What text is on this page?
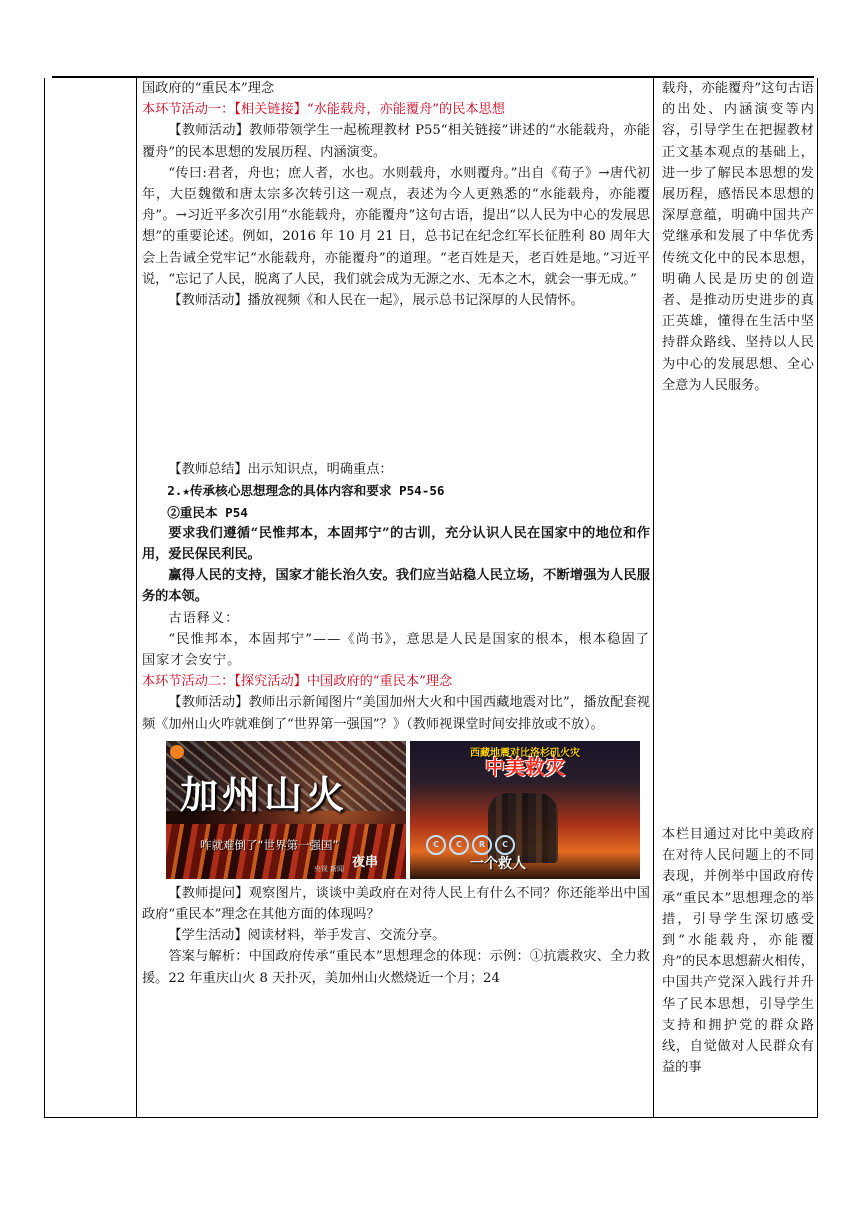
国政府的“重民本”理念

本环节活动一：【相关链接】“水能载舟，亦能覆舟”的民本思想

【教师活动】教师带领学生一起梳理教材 P55“相关链接”讲述的“水能载舟，亦能覆舟”的民本思想的发展历程、内涵演变。

“传曰:君者，舟也；庶人者，水也。水则载舟，水则覆舟。”出自《荀子》→唐代初年，大臣魏徵和唐太宗多次转引这一观点，表述为今人更熟悉的“水能载舟，亦能覆舟”。→习近平多次引用“水能载舟，亦能覆舟”这句古语，提出“以人民为中心的发展思想”的重要论述。例如，2016 年 10 月 21 日，总书记在纪念红军长征胜利 80 周年大会上告诫全党牢记“水能载舟，亦能覆舟”的道理。“老百姓是天，老百姓是地。”习近平说，“忘记了人民，脱离了人民，我们就会成为无源之水、无本之木，就会一事无成。”

【教师活动】播放视频《和人民在一起》，展示总书记深厚的人民情怀。

【教师总结】出示知识点，明确重点：

2.★传承核心思想理念的具体内容和要求 P54-56

②重民本 P54

要求我们遵循“民惟邦本，本固邦宁”的古训，充分认识人民在国家中的地位和作用，爱民保民利民。

赢得人民的支持，国家才能长治久安。我们应当站稳人民立场，不断增强为人民服务的本领。

古语释义：

“民惟邦本，本固邦宁”——《尚书》，意思是人民是国家的根本，根本稳固了国家才会安宁。

本环节活动二：【探究活动】中国政府的“重民本”理念

【教师活动】教师出示新闻图片“美国加州大火和中国西藏地震对比”，播放配套视频《加州山火咋就难倒了“世界第一强国”？》（教师视课堂时间安排放或不放）。

加州山火
咋就难倒了“世界第一强国”
央视 新闻 夜串
西藏地震对比洛杉矶火灾
中美救灾
C	C	R	C
一个救人

【教师提问】观察图片，谈谈中美政府在对待人民上有什么不同？你还能举出中国政府“重民本”理念在其他方面的体现吗？

【学生活动】阅读材料，举手发言、交流分享。

答案与解析：中国政府传承“重民本”思想理念的体现：示例：①抗震救灾、全力救援。22 年重庆山火 8 天扑灭，美加州山火燃烧近一个月；24

载舟，亦能覆舟”这句古语的出处、内涵演变等内容，引导学生在把握教材正文基本观点的基础上，进一步了解民本思想的发展历程，感悟民本思想的深厚意蕴，明确中国共产党继承和发展了中华优秀传统文化中的民本思想，明确人民是历史的创造者、是推动历史进步的真正英雄，懂得在生活中坚持群众路线、坚持以人民为中心的发展思想、全心全意为人民服务。

本栏目通过对比中美政府在对待人民问题上的不同表现，并例举中国政府传承“重民本”思想理念的举措，引导学生深切感受到“水能载舟，亦能覆舟”的民本思想薪火相传，中国共产党深入践行并升华了民本思想，引导学生支持和拥护党的群众路线，自觉做对人民群众有益的事
